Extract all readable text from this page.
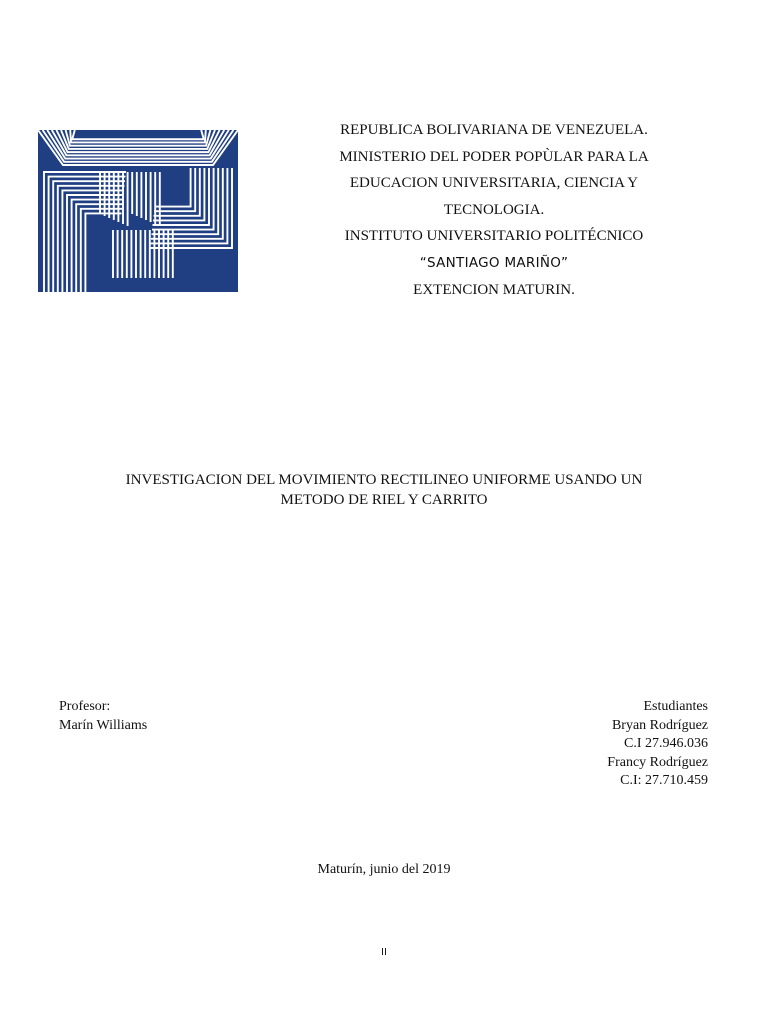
REPUBLICA BOLIVARIANA DE VENEZUELA.
MINISTERIO DEL PODER POPÙLAR PARA LA
EDUCACION UNIVERSITARIA, CIENCIA Y
TECNOLOGIA.
INSTITUTO UNIVERSITARIO POLITÉCNICO
“SANTIAGO MARIÑO”
EXTENCION MATURIN.
INVESTIGACION DEL MOVIMIENTO RECTILINEO UNIFORME USANDO UN
METODO DE RIEL Y CARRITO
Profesor:
Marín Williams
Estudiantes
Bryan Rodríguez
C.I 27.946.036
Francy Rodríguez
C.I: 27.710.459
Maturín, junio del 2019
II
